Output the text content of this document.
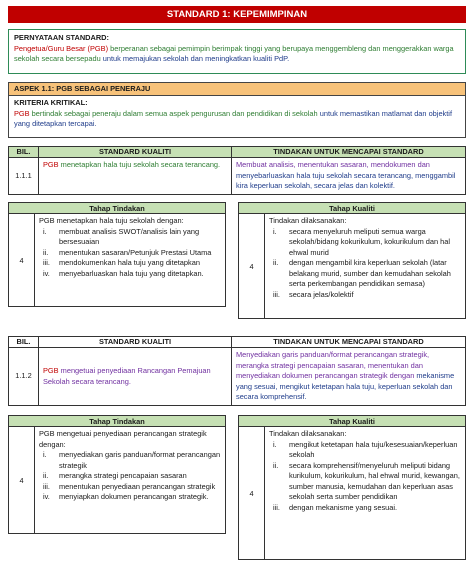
STANDARD 1: KEPEMIMPINAN
PERNYATAAN STANDARD:
Pengetua/Guru Besar (PGB) berperanan sebagai pemimpin berimpak tinggi yang berupaya menggembleng dan menggerakkan warga sekolah secara bersepadu untuk memajukan sekolah dan meningkatkan kualiti PdP.
ASPEK 1.1: PGB SEBAGAI PENERAJU
KRITERIA KRITIKAL:
PGB bertindak sebagai peneraju dalam semua aspek pengurusan dan pendidikan di sekolah untuk memastikan matlamat dan objektif yang ditetapkan tercapai.
BIL.	STANDARD KUALITI	TINDAKAN UNTUK MENCAPAI STANDARD
1.1.1	PGB menetapkan hala tuju sekolah secara terancang.	Membuat analisis, menentukan sasaran, mendokumen dan menyebarluaskan hala tuju sekolah secara terancang, menggambil kira keperluan sekolah, secara jelas dan kolektif.
Tahap Tindakan
4
PGB menetapkan hala tuju sekolah dengan:
i.	membuat analisis SWOT/analisis lain yang bersesuaian
ii.	menentukan sasaran/Petunjuk Prestasi Utama
iii.	mendokumenkan hala tuju yang ditetapkan
iv.	menyebarluaskan hala tuju yang ditetapkan.
Tahap Kualiti
4
Tindakan dilaksanakan:
i.	secara menyeluruh meliputi semua warga sekolah/bidang kokurikulum, kokurikulum dan hal ehwal murid
ii.	dengan mengambil kira keperluan sekolah (latar belakang murid, sumber dan kemudahan sekolah serta perkembangan pendidikan semasa)
iii.	secara jelas/kolektif
BIL.	STANDARD KUALITI	TINDAKAN UNTUK MENCAPAI STANDARD
1.1.2	PGB mengetuai penyediaan Rancangan Pemajuan Sekolah secara terancang.	Menyediakan garis panduan/format perancangan strategik, merangka strategi pencapaian sasaran, menentukan dan menyediakan dokumen perancangan strategik dengan mekanisme yang sesuai, mengikut ketetapan hala tuju, keperluan sekolah dan secara komprehensif.
Tahap Tindakan
4
PGB mengetuai penyediaan perancangan strategik dengan:
i.	menyediakan garis panduan/format perancangan strategik
ii.	merangka strategi pencapaian sasaran
iii.	menentukan penyediaan perancangan strategik
iv.	menyiapkan dokumen perancangan strategik.
Tahap Kualiti
4
Tindakan dilaksanakan:
i.	mengikut ketetapan hala tuju/kesesuaian/keperluan sekolah
ii.	secara komprehensif/menyeluruh meliputi bidang kurikulum, kokurikulum, hal ehwal murid, kewangan, sumber manusia, kemudahan dan keperluan asas sekolah serta sumber pendidikan
iii.	dengan mekanisme yang sesuai.
